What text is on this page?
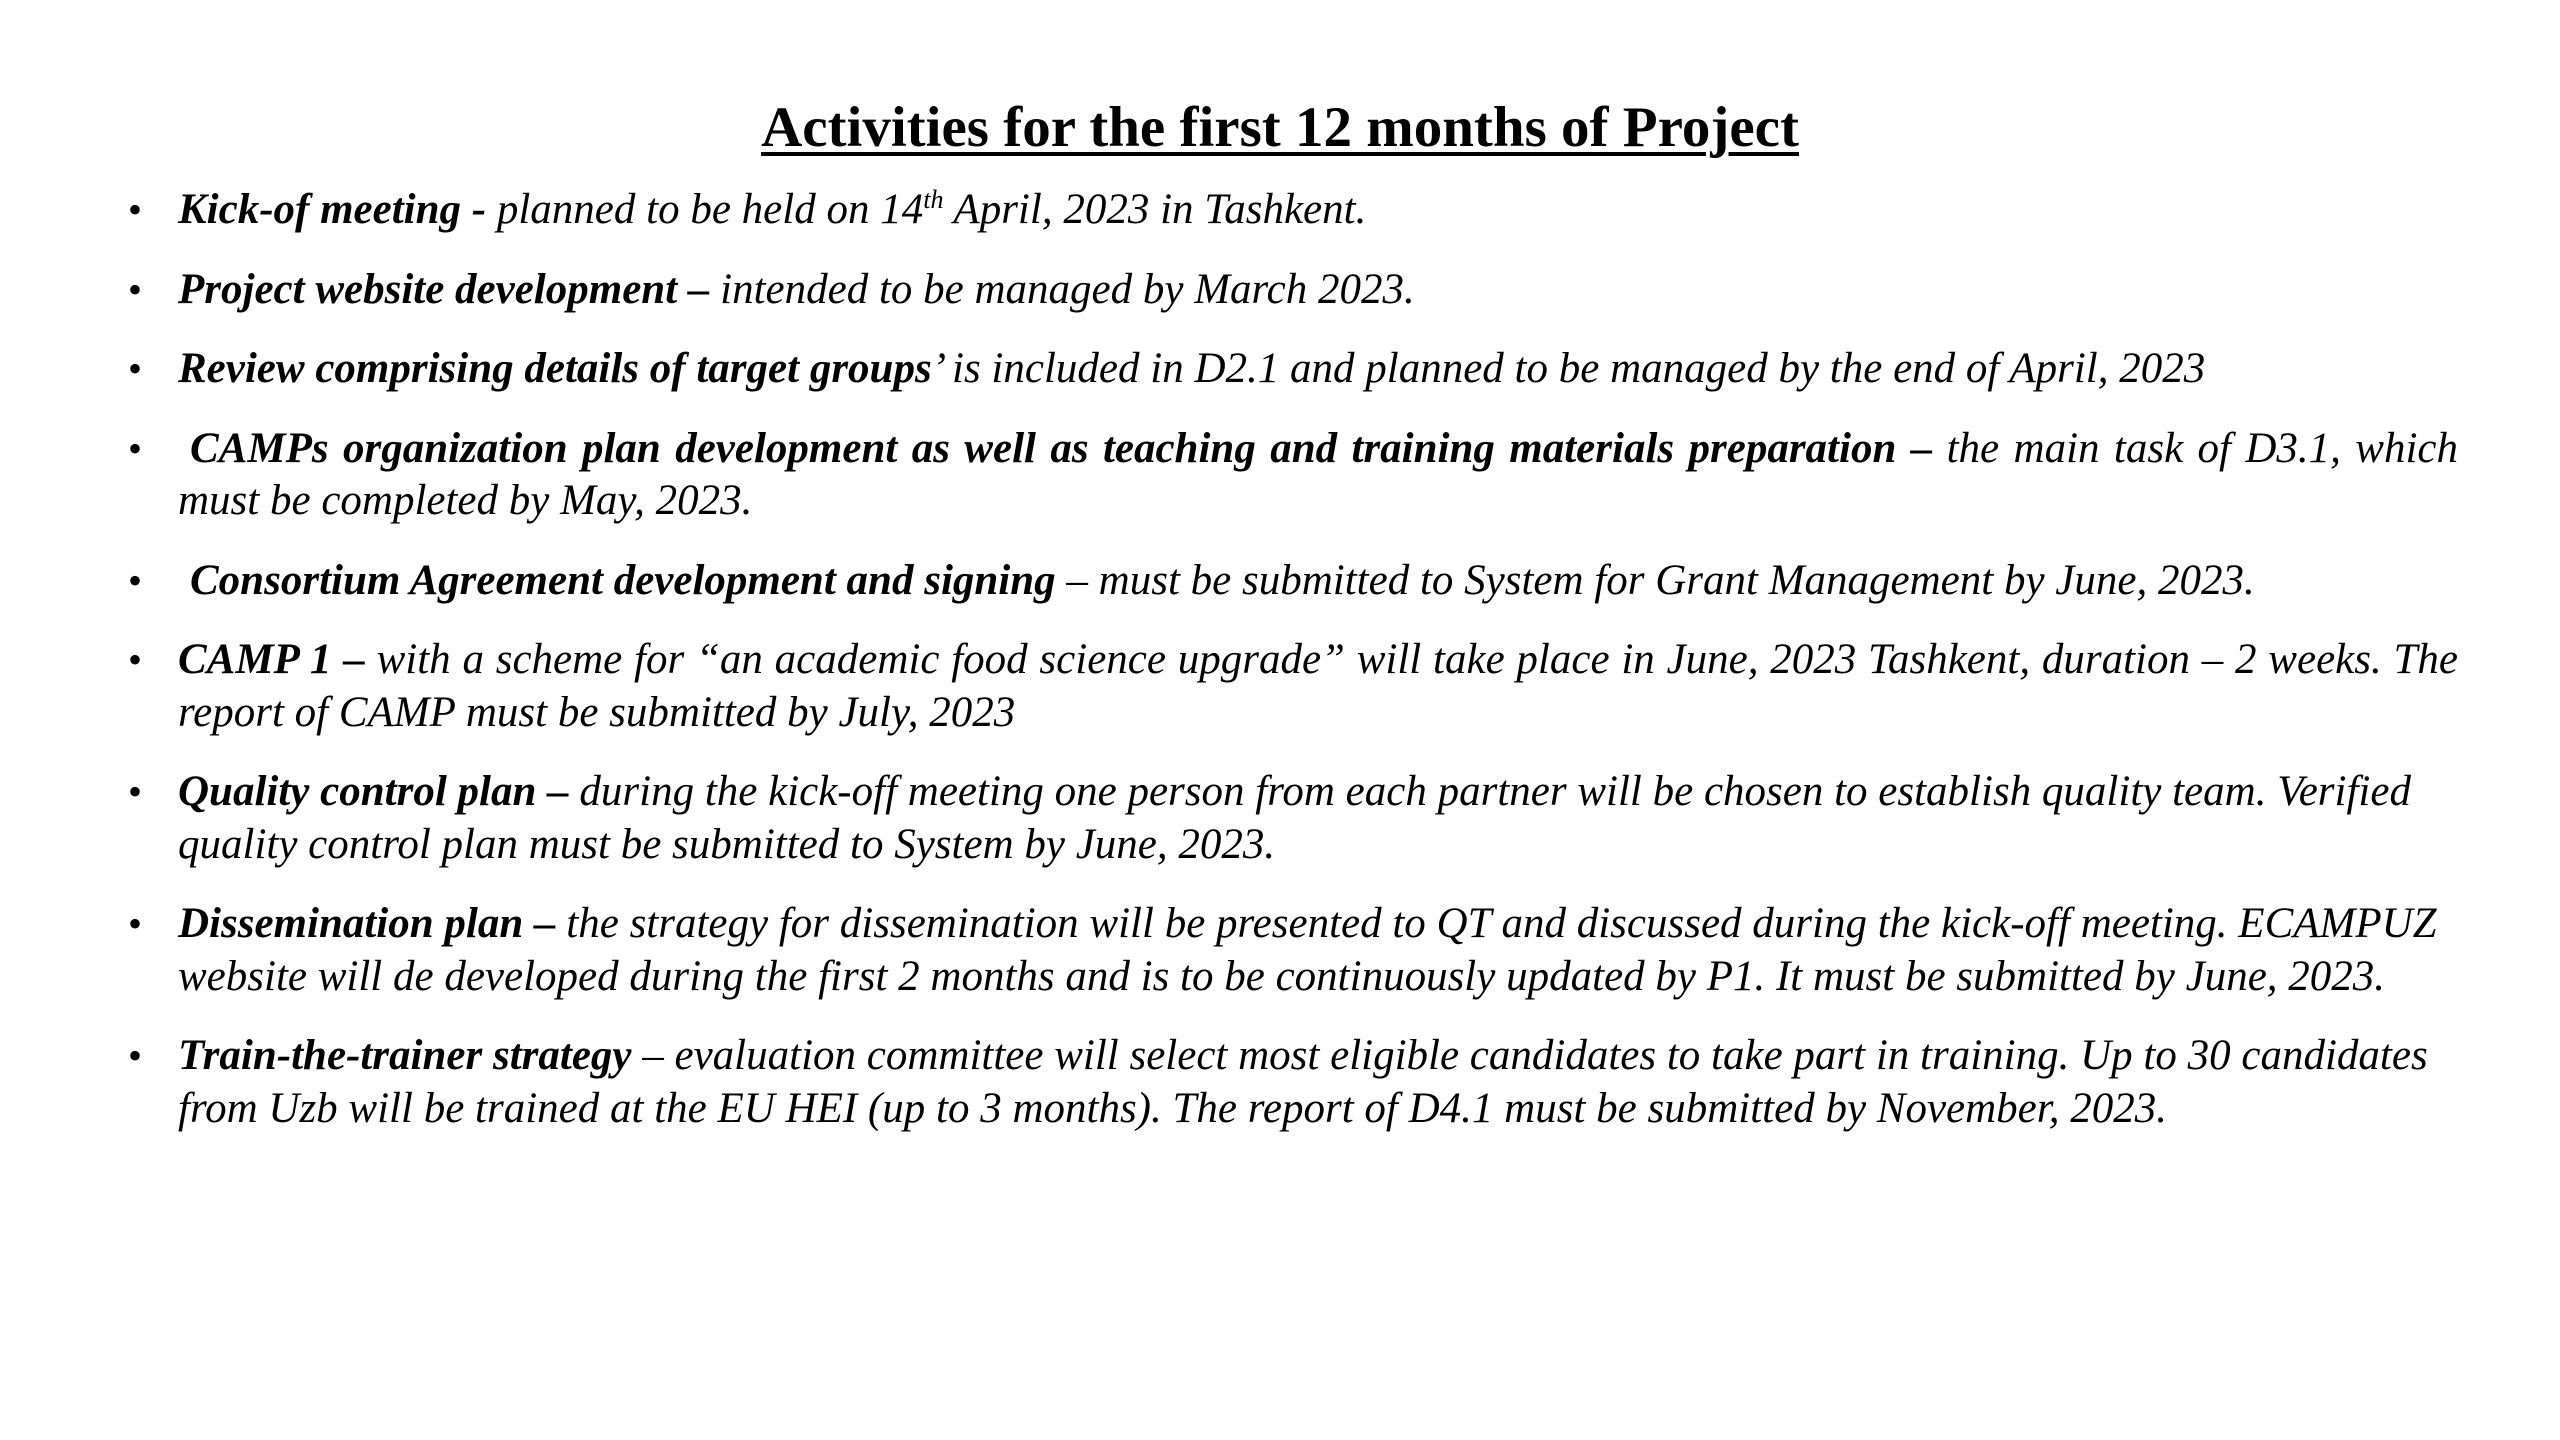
Activities for the first 12 months of Project
• Kick-of meeting - planned to be held on 14th April, 2023 in Tashkent.
• Project website development – intended to be managed by March 2023.
• Review comprising details of target groups’ is included in D2.1 and planned to be managed by the end of April, 2023
• CAMPs organization plan development as well as teaching and training materials preparation – the main task of D3.1, which must be completed by May, 2023.
• Consortium Agreement development and signing – must be submitted to System for Grant Management by June, 2023.
• CAMP 1 – with a scheme for “an academic food science upgrade” will take place in June, 2023 Tashkent, duration – 2 weeks. The report of CAMP must be submitted by July, 2023
• Quality control plan – during the kick-off meeting one person from each partner will be chosen to establish quality team. Verified quality control plan must be submitted to System by June, 2023.
• Dissemination plan – the strategy for dissemination will be presented to QT and discussed during the kick-off meeting. ECAMPUZ website will de developed during the first 2 months and is to be continuously updated by P1. It must be submitted by June, 2023.
• Train-the-trainer strategy – evaluation committee will select most eligible candidates to take part in training. Up to 30 candidates from Uzb will be trained at the EU HEI (up to 3 months). The report of D4.1 must be submitted by November, 2023.
